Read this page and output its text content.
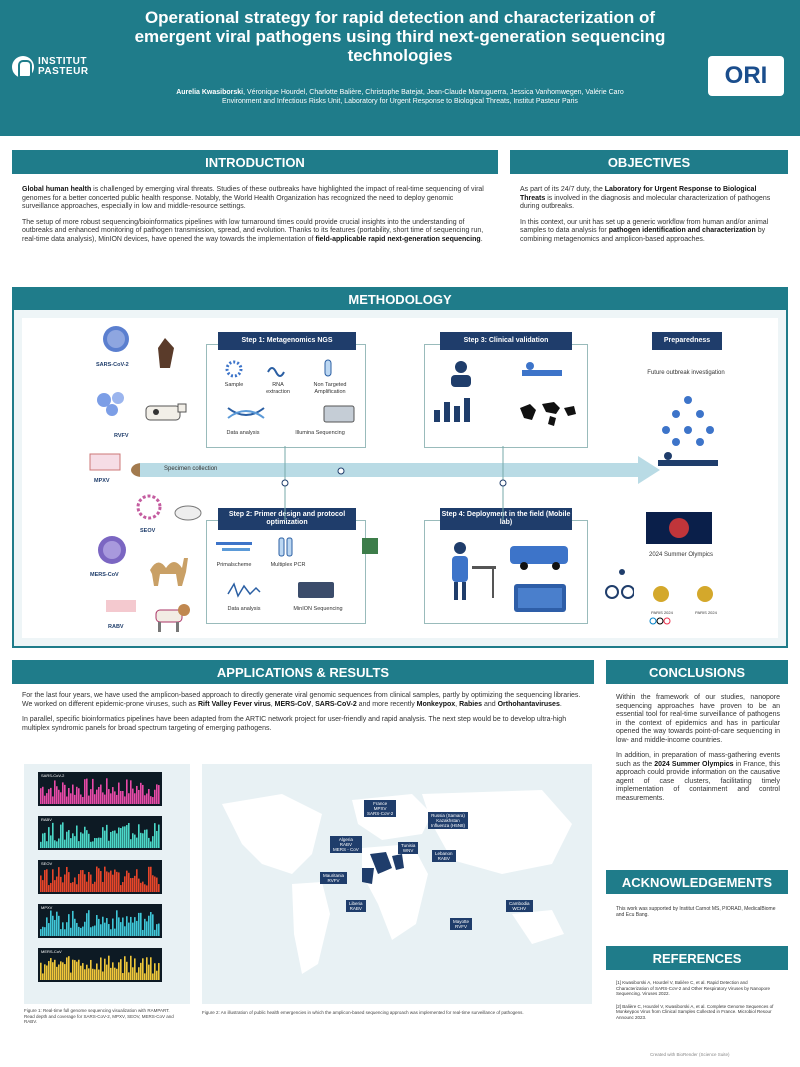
Operational strategy for rapid detection and characterization of emergent viral pathogens using third next-generation sequencing technologies
Aurelia Kwasiborski, Véronique Hourdel, Charlotte Balière, Christophe Batejat, Jean-Claude Manuguerra, Jessica Vanhomwegen, Valérie Caro
Environment and Infectious Risks Unit, Laboratory for Urgent Response to Biological Threats, Institut Pasteur Paris
INSTITUT PASTEUR	ORI
INTRODUCTION

Global human health is challenged by emerging viral threats. Studies of these outbreaks have highlighted the impact of real-time sequencing of viral genomes for a better concerted public health response. Notably, the World Health Organization has recognized the need to deploy genomic surveillance approaches, especially in low and middle-resource settings.

The setup of more robust sequencing/bioinformatics pipelines with low turnaround times could provide crucial insights into the understanding of outbreaks and enhanced monitoring of pathogen transmission, spread, and evolution. Thanks to its features (portability, short time of sequencing run, real-time data analysis), MinION devices, have opened the way towards the implementation of field-applicable rapid next-generation sequencing.

OBJECTIVES

As part of its 24/7 duty, the Laboratory for Urgent Response to Biological Threats is involved in the diagnosis and molecular characterization of pathogens during outbreaks.

In this context, our unit has set up a generic workflow from human and/or animal samples to data analysis for pathogen identification and characterization by combining metagenomics and amplicon-based approaches.

METHODOLOGY
SARS-CoV-2
RVFV
MPXV
SEOV
MERS-CoV
RABV
Specimen collection
Step 1: Metagenomics NGS
Sample	RNA extraction
Non Targeted Amplification
Data analysis	Illumina Sequencing
Step 2: Primer design and protocol optimization
Primalscheme	Multiplex PCR
Data analysis	MinION Sequencing
Step 3: Clinical validation
Step 4: Deployment in the field (Mobile lab)
Preparedness
Future outbreak investigation
2024 Summer Olympics
PARIS 2024	PARIS 2024
APPLICATIONS & RESULTS

For the last four years, we have used the amplicon-based approach to directly generate viral genomic sequences from clinical samples, partly by optimizing the sequencing libraries. We worked on different epidemic-prone viruses, such as Rift Valley Fever virus, MERS-CoV, SARS-CoV-2 and more recently Monkeypox, Rabies and Orthohantaviruses.

In parallel, specific bioinformatics pipelines have been adapted from the ARTIC network project for user-friendly and rapid analysis. The next step would be to develop ultra-high multiplex syndromic panels for broad spectrum targeting of emerging pathogens.

SARS-CoV-2
RABV
SEOV
MPXV
MERS-CoV
Figure 1: Real-time full genome sequencing visualization with RAMPART. Read depth and coverage for SARS-CoV-2, MPXV, SEOV, MERS-CoV and RABV.
France
MPXV
SARS-CoV-2	Russia (Samara)
Kazakhstan
Influenza (H5N8)
Algeria
RABV
MERS - CoV
Tunisia
WNV
Lebanon
RABV
Mauritania
RVFV
Liberia
RABV
Cambodia
WCHV
Mayotte
RVFV
Figure 2: An illustration of public health emergencies in which the amplicon-based sequencing approach was implemented for real-time surveillance of pathogens.
CONCLUSIONS

Within the framework of our studies, nanopore sequencing approaches have proven to be an essential tool for real-time surveillance of pathogens in the context of epidemics and has in particular opened the way towards point-of-care sequencing in low- and middle-income countries.

In addition, in preparation of mass-gathering events such as the 2024 Summer Olympics in France, this approach could provide information on the causative agent of case clusters, facilitating timely implementation of containment and control measurements.

ACKNOWLEDGEMENTS
This work was supported by Institut Carnot MS, PIORAD, MedicalBiome and Ecu Bang.
REFERENCES

[1] Kwasiborski A, Hourdel V, Balière C, et al. Rapid Detection and Characterization of SARS-CoV-2 and Other Respiratory Viruses by Nanopore Sequencing. Viruses 2022.

[2] Balière C, Hourdel V, Kwasiborski A, et al. Complete Genome Sequences of Monkeypox Virus from Clinical Samples Collected in France. Microbiol Resour Announc 2023.

Created with BioRender (Science Suite)
